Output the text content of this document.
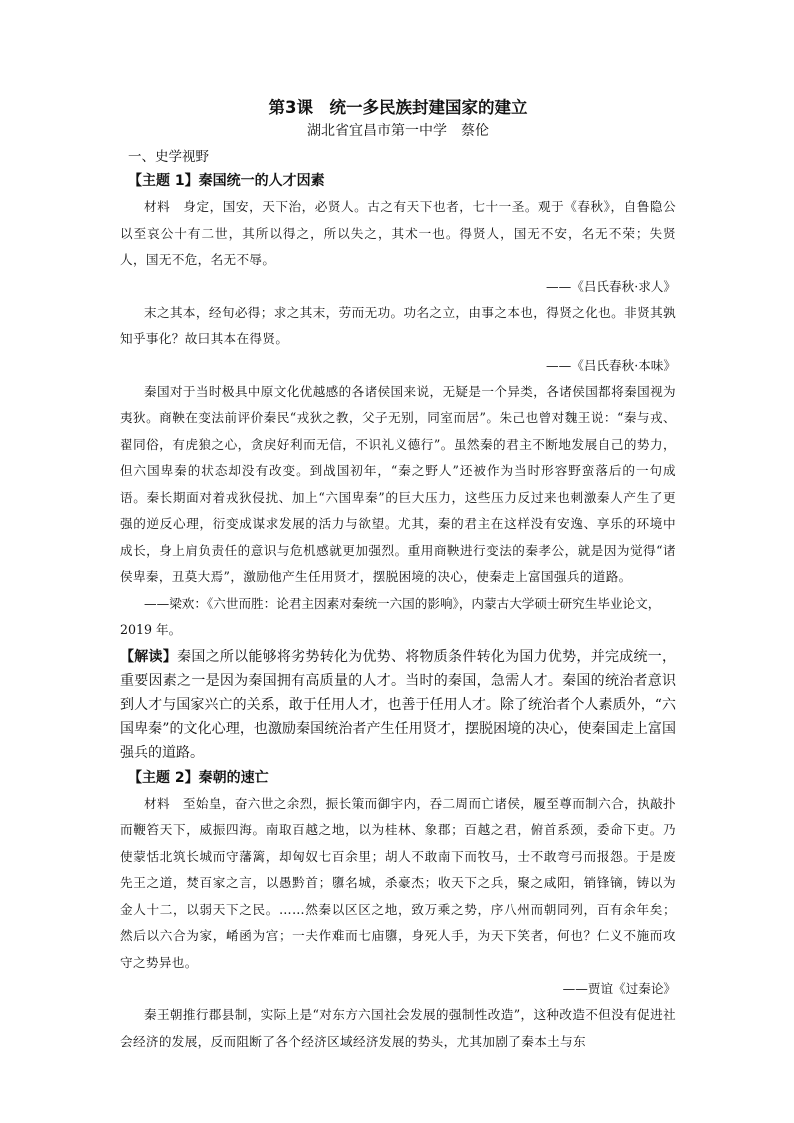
第3课　统一多民族封建国家的建立

湖北省宜昌市第一中学　蔡伦

一、史学视野

【主题 1】秦国统一的人才因素

材料　身定，国安，天下治，必贤人。古之有天下也者，七十一圣。观于《春秋》，自鲁隐公以至哀公十有二世，其所以得之，所以失之，其术一也。得贤人，国无不安，名无不荣；失贤人，国无不危，名无不辱。

——《吕氏春秋·求人》

末之其本，经旬必得；求之其末，劳而无功。功名之立，由事之本也，得贤之化也。非贤其孰知乎事化？故曰其本在得贤。

——《吕氏春秋·本味》

秦国对于当时极具中原文化优越感的各诸侯国来说，无疑是一个异类，各诸侯国都将秦国视为夷狄。商鞅在变法前评价秦民“戎狄之教，父子无别，同室而居”。朱己也曾对魏王说：“秦与戎、翟同俗，有虎狼之心，贪戾好利而无信，不识礼义德行”。虽然秦的君主不断地发展自己的势力，但六国卑秦的状态却没有改变。到战国初年，“秦之野人”还被作为当时形容野蛮落后的一句成语。秦长期面对着戎狄侵扰、加上“六国卑秦”的巨大压力，这些压力反过来也刺激秦人产生了更强的逆反心理，衍变成谋求发展的活力与欲望。尤其，秦的君主在这样没有安逸、享乐的环境中成长，身上肩负责任的意识与危机感就更加强烈。重用商鞅进行变法的秦孝公，就是因为觉得“诸侯卑秦，丑莫大焉”，激励他产生任用贤才，摆脱困境的决心，使秦走上富国强兵的道路。

——梁欢：《六世而胜：论君主因素对秦统一六国的影响》，内蒙古大学硕士研究生毕业论文，2019 年。

【解读】秦国之所以能够将劣势转化为优势、将物质条件转化为国力优势，并完成统一，重要因素之一是因为秦国拥有高质量的人才。当时的秦国，急需人才。秦国的统治者意识到人才与国家兴亡的关系，敢于任用人才，也善于任用人才。除了统治者个人素质外，“六国卑秦”的文化心理，也激励秦国统治者产生任用贤才，摆脱困境的决心，使秦国走上富国强兵的道路。

【主题 2】秦朝的速亡

材料　至始皇，奋六世之余烈，振长策而御宇内，吞二周而亡诸侯，履至尊而制六合，执敲扑而鞭笞天下，威振四海。南取百越之地，以为桂林、象郡；百越之君，俯首系颈，委命下吏。乃使蒙恬北筑长城而守藩篱，却匈奴七百余里；胡人不敢南下而牧马，士不敢弯弓而报怨。于是废先王之道，焚百家之言，以愚黔首；隳名城，杀豪杰；收天下之兵，聚之咸阳，销锋镝，铸以为金人十二，以弱天下之民。……然秦以区区之地，致万乘之势，序八州而朝同列，百有余年矣；然后以六合为家，崤函为宫；一夫作难而七庙隳，身死人手，为天下笑者，何也？仁义不施而攻守之势异也。

——贾谊《过秦论》

秦王朝推行郡县制，实际上是“对东方六国社会发展的强制性改造”，这种改造不但没有促进社会经济的发展，反而阻断了各个经济区域经济发展的势头，尤其加剧了秦本土与东
